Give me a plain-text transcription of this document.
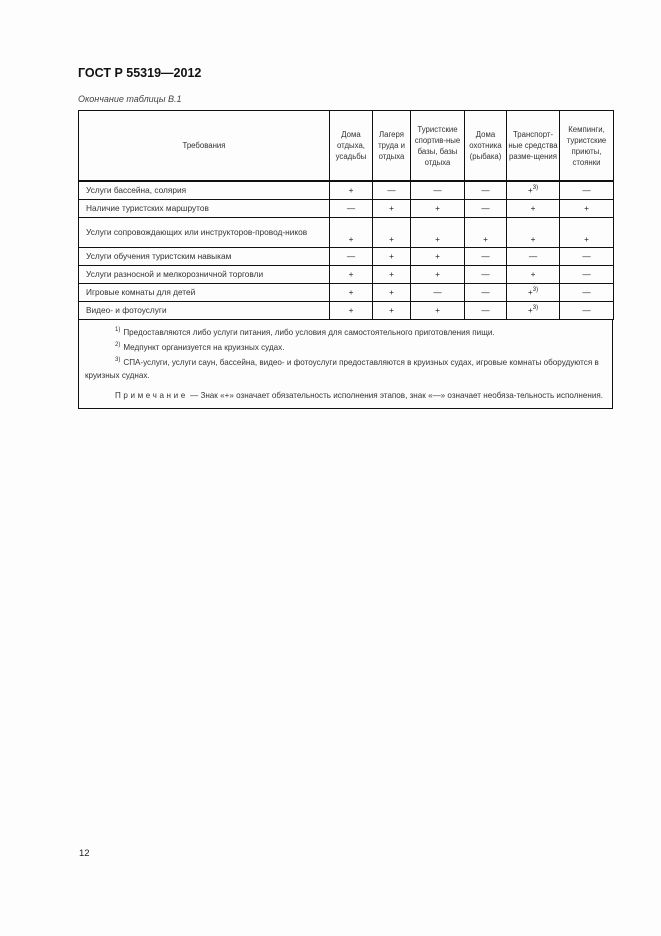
ГОСТ Р 55319—2012
Окончание таблицы В.1
Требования	Дома отдыха, усадьбы	Лагеря труда и отдыха	Туристские спортив-ные базы, базы отдыха	Дома охотника (рыбака)	Транспорт-ные средства разме-щения	Кемпинги, туристские приюты, стоянки
Услуги бассейна, солярия	+	—	—	—	+$^{3)}$	—
Наличие туристских маршрутов	—	+	+	—	+	+
Услуги сопровождающих или инструкторов-провод-ников	+	+	+	+	+	+
Услуги обучения туристским навыкам	—	+	+	—	—	—
Услуги разносной и мелкорозничной торговли	+	+	+	—	+	—
Игровые комнаты для детей	+	+	—	—	+$^{3)}$	—
Видео- и фотоуслуги	+	+	+	—	+$^{3)}$	—
$^{1)}$ Предоставляются либо услуги питания, либо условия для самостоятельного приготовления пищи.
$^{2)}$ Медпункт организуется на круизных судах.
$^{3)}$ СПА-услуги, услуги саун, бассейна, видео- и фотоуслуги предоставляются в круизных судах, игровые комнаты оборудуются в круизных суднах.
Примечание — Знак «+» означает обязательность исполнения этапов, знак «—» означает необяза-тельность исполнения.
12
